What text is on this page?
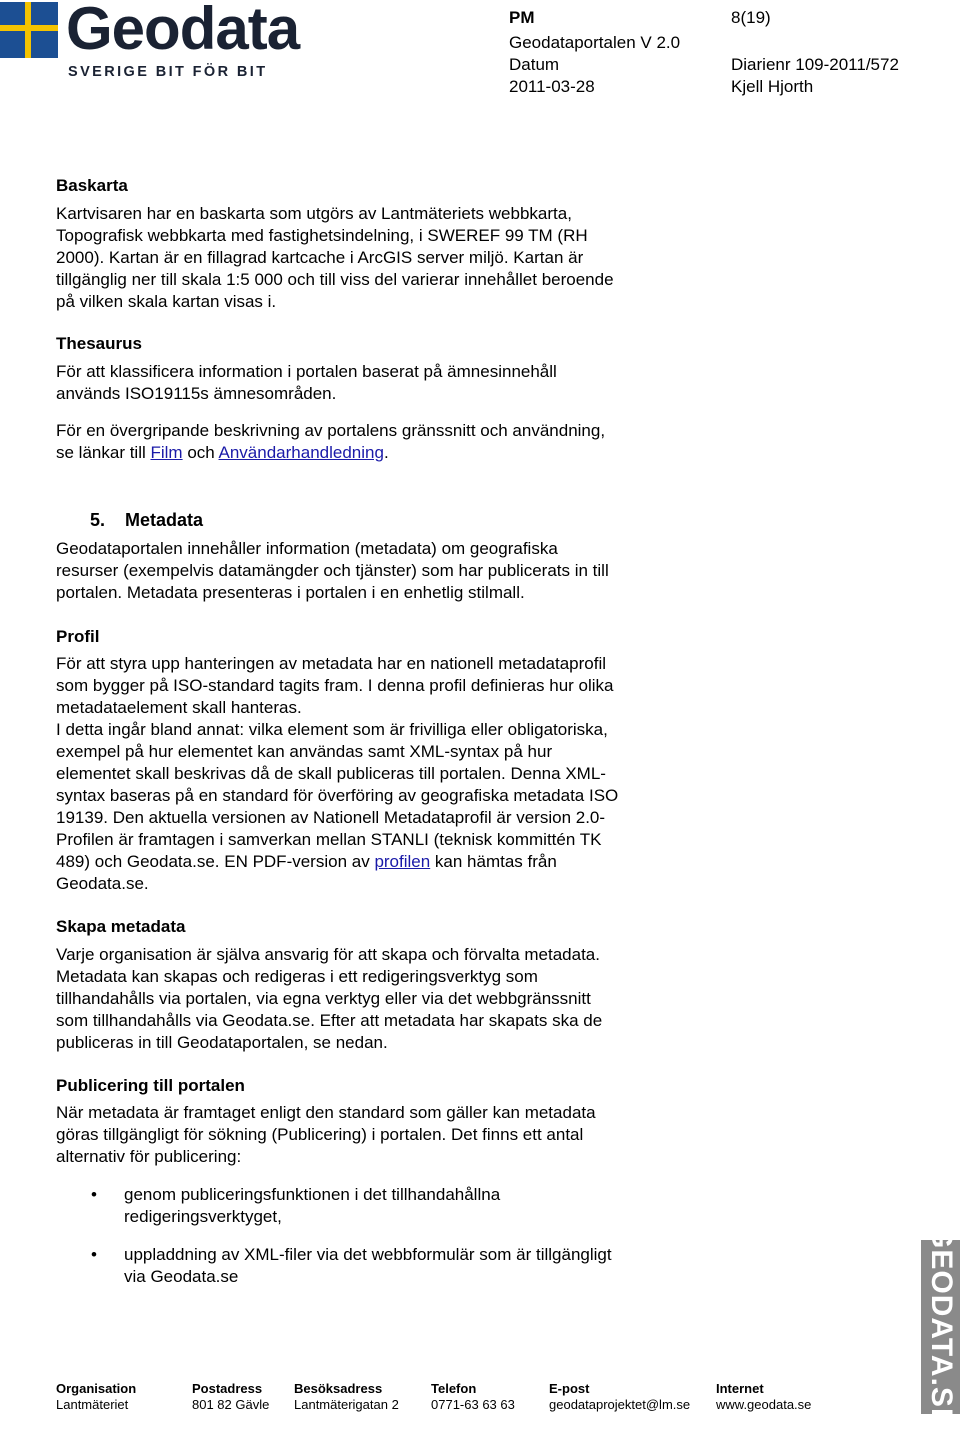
Geodata
SVERIGE BIT FÖR BIT
PM	8(19)
Geodataportalen V 2.0
Datum	Diarienr 109-2011/572
2011-03-28	Kjell Hjorth
Baskarta
Kartvisaren har en baskarta som utgörs av Lantmäteriets webbkarta,
Topografisk webbkarta med fastighetsindelning, i SWEREF 99 TM (RH
2000). Kartan är en fillagrad kartcache i ArcGIS server miljö. Kartan är
tillgänglig ner till skala 1:5 000 och till viss del varierar innehållet beroende
på vilken skala kartan visas i.
Thesaurus
För att klassificera information i portalen baserat på ämnesinnehåll
används ISO19115s ämnesområden.
För en övergripande beskrivning av portalens gränssnitt och användning,
se länkar till Film och Användarhandledning.
5. Metadata
Geodataportalen innehåller information (metadata) om geografiska
resurser (exempelvis datamängder och tjänster) som har publicerats in till
portalen. Metadata presenteras i portalen i en enhetlig stilmall.
Profil
För att styra upp hanteringen av metadata har en nationell metadataprofil
som bygger på ISO-standard tagits fram. I denna profil definieras hur olika
metadataelement skall hanteras.
I detta ingår bland annat: vilka element som är frivilliga eller obligatoriska,
exempel på hur elementet kan användas samt XML-syntax på hur
elementet skall beskrivas då de skall publiceras till portalen. Denna XML-
syntax baseras på en standard för överföring av geografiska metadata ISO
19139. Den aktuella versionen av Nationell Metadataprofil är version 2.0-
Profilen är framtagen i samverkan mellan STANLI (teknisk kommittén TK
489) och Geodata.se. EN PDF-version av profilen kan hämtas från
Geodata.se.
Skapa metadata
Varje organisation är själva ansvarig för att skapa och förvalta metadata.
Metadata kan skapas och redigeras i ett redigeringsverktyg som
tillhandahålls via portalen, via egna verktyg eller via det webbgränssnitt
som tillhandahålls via Geodata.se. Efter att metadata har skapats ska de
publiceras in till Geodataportalen, se nedan.
Publicering till portalen
När metadata är framtaget enligt den standard som gäller kan metadata
göras tillgängligt för sökning (Publicering) i portalen. Det finns ett antal
alternativ för publicering:
• genom publiceringsfunktionen i det tillhandahållna
redigeringsverktyget,
• uppladdning av XML-filer via det webbformulär som är tillgängligt
via Geodata.se	GEODATA.SE
Organisation
Lantmäteriet
Postadress
801 82 Gävle
Besöksadress
Lantmäterigatan 2
Telefon
0771-63 63 63
E-post
geodataprojektet@lm.se
Internet
www.geodata.se
